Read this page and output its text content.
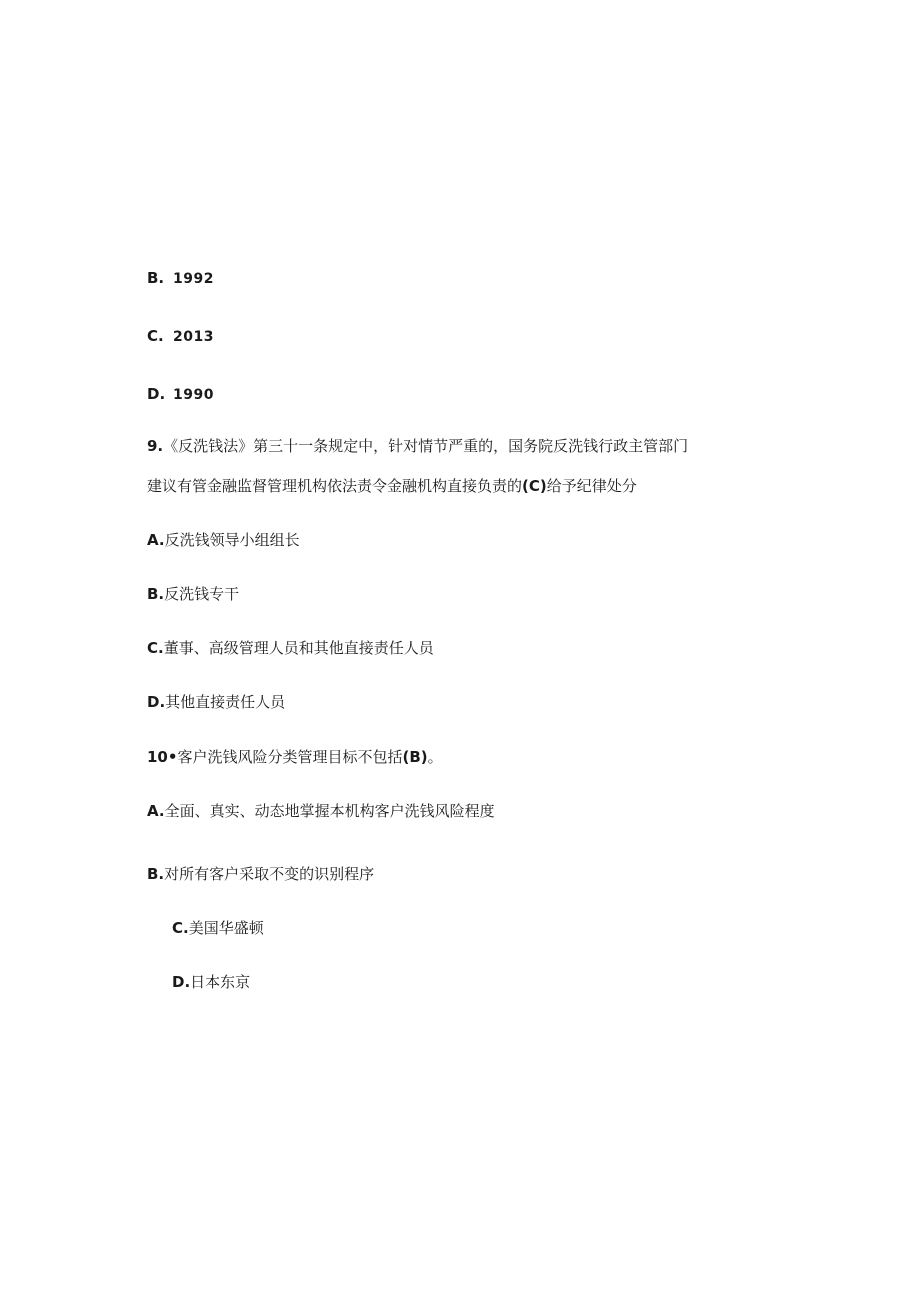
B. 1992
C. 2013
D. 1990
9.《反洗钱法》第三十一条规定中，针对情节严重的，国务院反洗钱行政主管部门
建议有管金融监督管理机构依法责令金融机构直接负责的(C)给予纪律处分
A.反洗钱领导小组组长
B.反洗钱专干
C.董事、高级管理人员和其他直接责任人员
D.其他直接责任人员
10•客户洗钱风险分类管理目标不包括(B)。
A.全面、真实、动态地掌握本机构客户洗钱风险程度
B.对所有客户采取不变的识别程序
C.美国华盛顿
D.日本东京
